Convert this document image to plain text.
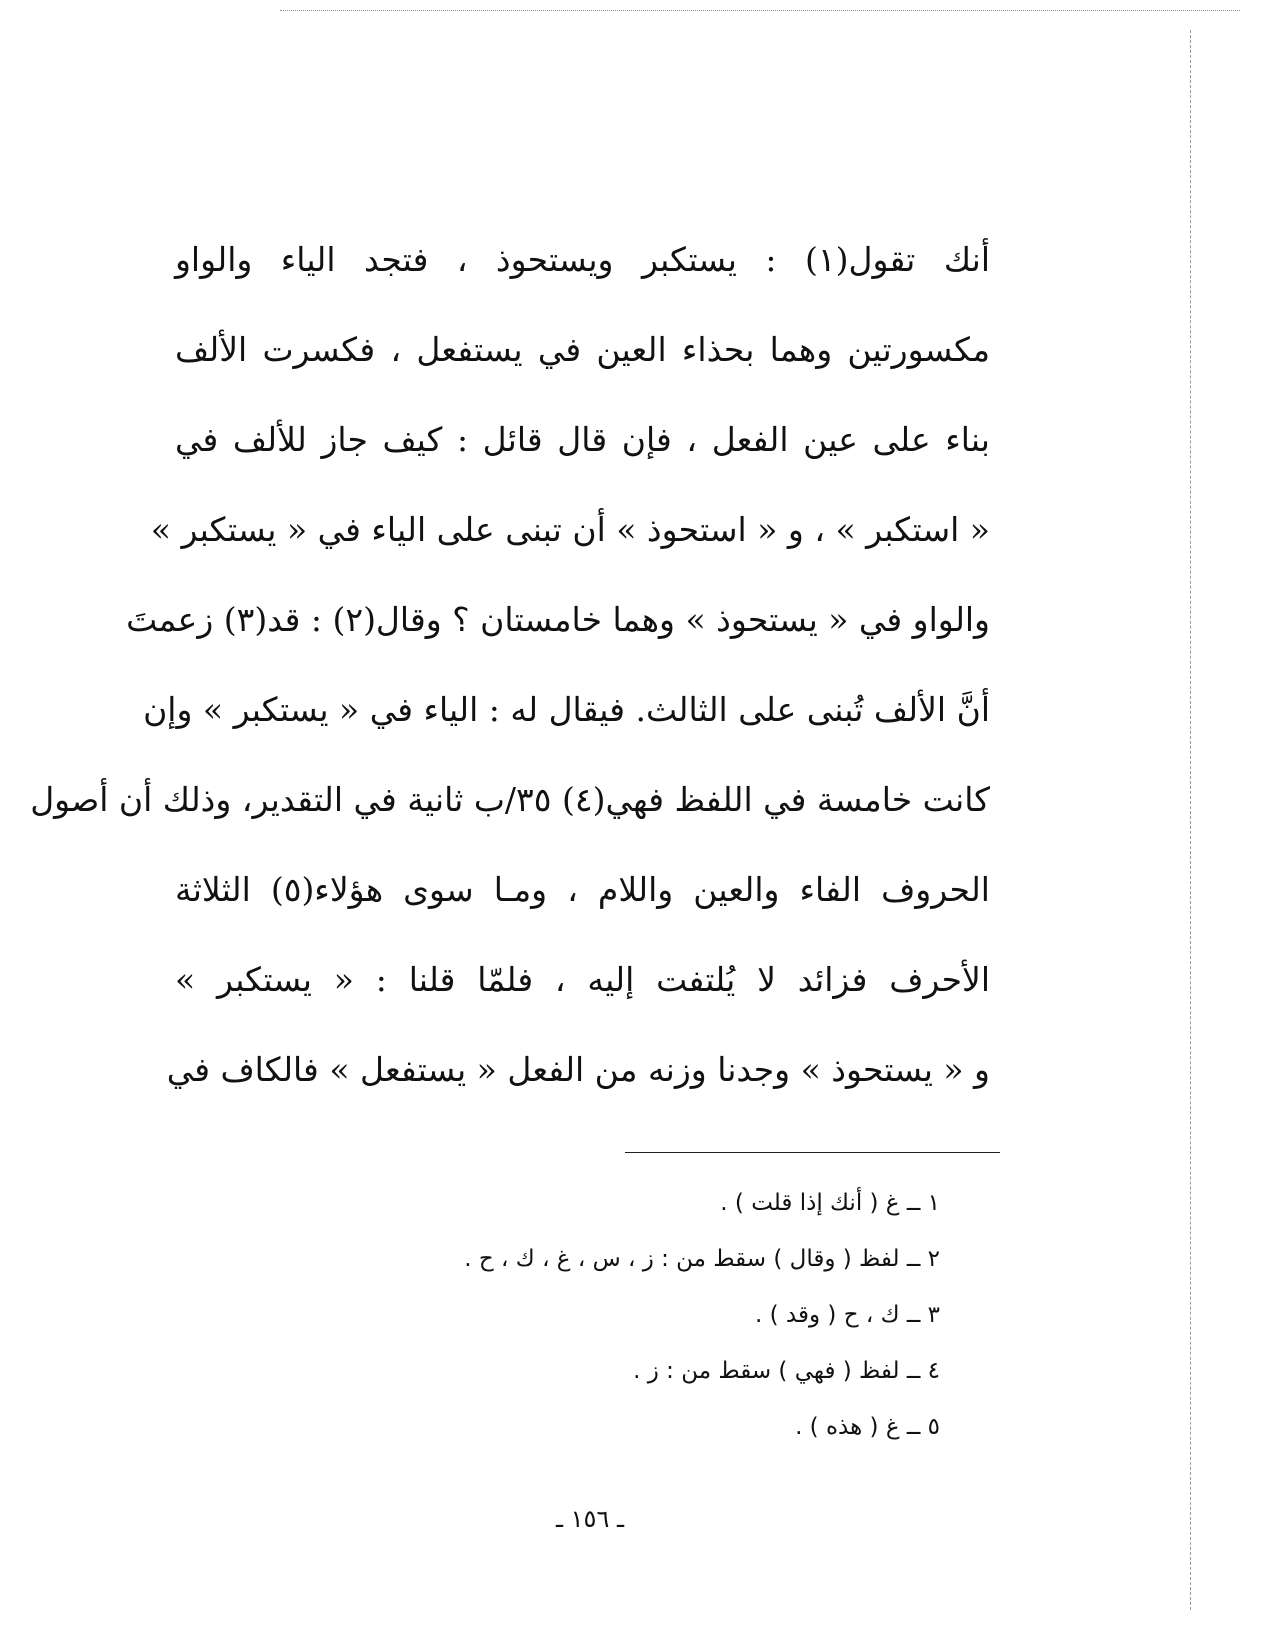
أنك تقول(١) : يستكبر ويستحوذ ، فتجد الياء والواو
مكسورتين وهما بحذاء العين في يستفعل ، فكسرت الألف
بناء على عين الفعل ، فإن قال قائل : كيف جاز للألف في
« استكبر » ، و « استحوذ » أن تبنى على الياء في « يستكبر »
والواو في « يستحوذ » وهما خامستان ؟ وقال(٢) : قد(٣) زعمتَ
أنَّ الألف تُبنى على الثالث. فيقال له : الياء في « يستكبر » وإن
كانت خامسة في اللفظ فهي(٤) ٣٥/ب ثانية في التقدير، وذلك أن أصول
الحروف الفاء والعين واللام ، ومـا سوى هؤلاء(٥) الثلاثة
الأحرف فزائد لا يُلتفت إليه ، فلمّا قلنا : « يستكبر »
و « يستحوذ » وجدنا وزنه من الفعل « يستفعل » فالكاف في
١ ــ غ ( أنك إذا قلت ) .
٢ ــ لفظ ( وقال ) سقط من : ز ، س ، غ ، ك ، ح .
٣ ــ ك ، ح ( وقد ) .
٤ ــ لفظ ( فهي ) سقط من : ز .
٥ ــ غ ( هذه ) .
ـ ١٥٦ ـ
